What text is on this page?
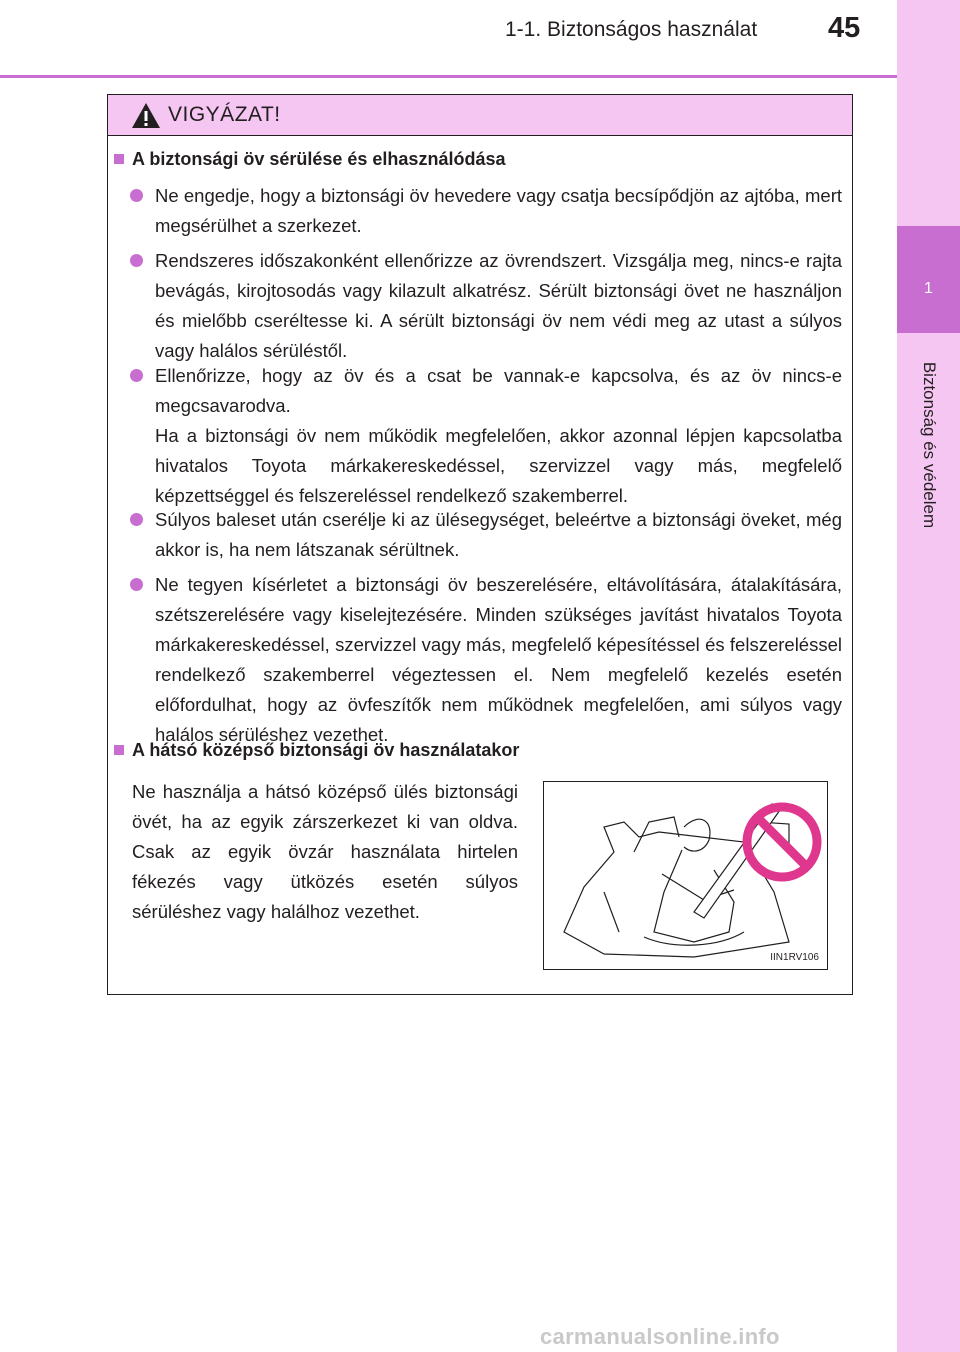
1-1. Biztonságos használat 45
1
Biztonság és védelem
VIGYÁZAT!
A biztonsági öv sérülése és elhasználódása
Ne engedje, hogy a biztonsági öv hevedere vagy csatja becsípődjön az ajtóba, mert megsérülhet a szerkezet.
Rendszeres időszakonként ellenőrizze az övrendszert. Vizsgálja meg, nincs-e rajta bevágás, kirojtosodás vagy kilazult alkatrész. Sérült biztonsági övet ne használjon és mielőbb cseréltesse ki. A sérült biztonsági öv nem védi meg az utast a súlyos vagy halálos sérüléstől.
Ellenőrizze, hogy az öv és a csat be vannak-e kapcsolva, és az öv nincs-e megcsavarodva.
Ha a biztonsági öv nem működik megfelelően, akkor azonnal lépjen kapcsolatba hivatalos Toyota márkakereskedéssel, szervizzel vagy más, megfelelő képzettséggel és felszereléssel rendelkező szakemberrel.
Súlyos baleset után cserélje ki az ülésegységet, beleértve a biztonsági öveket, még akkor is, ha nem látszanak sérültnek.
Ne tegyen kísérletet a biztonsági öv beszerelésére, eltávolítására, átalakítására, szétszerelésére vagy kiselejtezésére. Minden szükséges javítást hivatalos Toyota márkakereskedéssel, szervizzel vagy más, megfelelő képesítéssel és felszereléssel rendelkező szakemberrel végeztessen el. Nem megfelelő kezelés esetén előfordulhat, hogy az övfeszítők nem működnek megfelelően, ami súlyos vagy halálos sérüléshez vezethet.
A hátsó középső biztonsági öv használatakor
Ne használja a hátsó középső ülés biztonsági övét, ha az egyik zárszerkezet ki van oldva. Csak az egyik övzár használata hirtelen fékezés vagy ütközés esetén súlyos sérüléshez vagy halálhoz vezethet.
IIN1RV106
carmanualsonline.info
